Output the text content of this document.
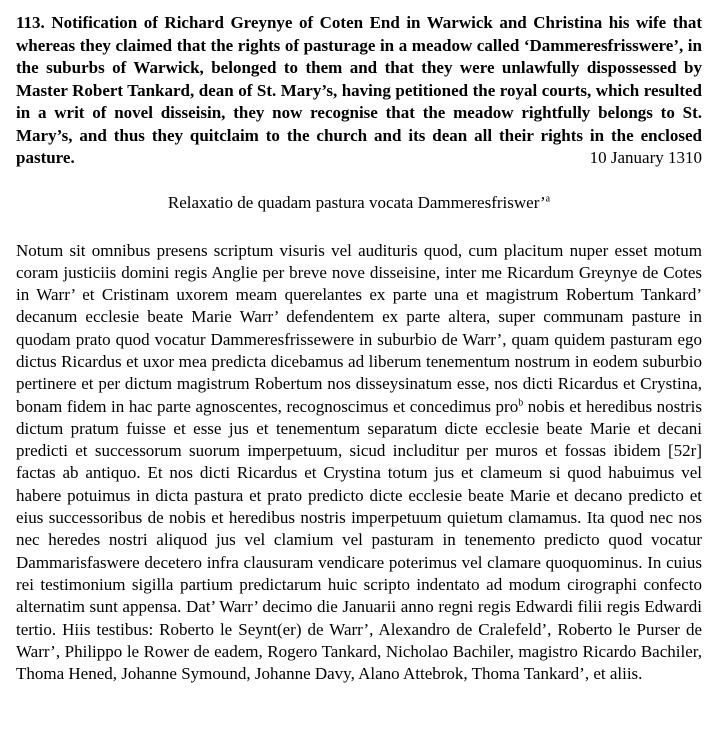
113. Notification of Richard Greynye of Coten End in Warwick and Christina his wife that whereas they claimed that the rights of pasturage in a meadow called ‘Dammeresfrisswere’, in the suburbs of Warwick, belonged to them and that they were unlawfully dispossessed by Master Robert Tankard, dean of St. Mary’s, having petitioned the royal courts, which resulted in a writ of novel disseisin, they now recognise that the meadow rightfully belongs to St. Mary’s, and thus they quitclaim to the church and its dean all their rights in the enclosed pasture.	10 January 1310

Relaxatio de quadam pastura vocata Dammeresfriswer’$^a$

Notum sit omnibus presens scriptum visuris vel audituris quod, cum placitum nuper esset motum coram justiciis domini regis Anglie per breve nove disseisine, inter me Ricardum Greynye de Cotes in Warr’ et Cristinam uxorem meam querelantes ex parte una et magistrum Robertum Tankard’ decanum ecclesie beate Marie Warr’ defendentem ex parte altera, super communam pasture in quodam prato quod vocatur Dammeresfrissewere in suburbio de Warr’, quam quidem pasturam ego dictus Ricardus et uxor mea predicta dicebamus ad liberum tenementum nostrum in eodem suburbio pertinere et per dictum magistrum Robertum nos disseysinatum esse, nos dicti Ricardus et Crystina, bonam fidem in hac parte agnoscentes, recognoscimus et concedimus pro$^b$ nobis et heredibus nostris dictum pratum fuisse et esse jus et tenementum separatum dicte ecclesie beate Marie et decani predicti et successorum suorum imperpetuum, sicud includitur per muros et fossas ibidem [52r] factas ab antiquo. Et nos dicti Ricardus et Crystina totum jus et clameum si quod habuimus vel habere potuimus in dicta pastura et prato predicto dicte ecclesie beate Marie et decano predicto et eius successoribus de nobis et heredibus nostris imperpetuum quietum clamamus. Ita quod nec nos nec heredes nostri aliquod jus vel clamium vel pasturam in tenemento predicto quod vocatur Dammarisfaswere decetero infra clausuram vendicare poterimus vel clamare quoquominus. In cuius rei testimonium sigilla partium predictarum huic scripto indentato ad modum cirographi confecto alternatim sunt appensa. Dat’ Warr’ decimo die Januarii anno regni regis Edwardi filii regis Edwardi tertio. Hiis testibus: Roberto le Seynt(er) de Warr’, Alexandro de Cralefeld’, Roberto le Purser de Warr’, Philippo le Rower de eadem, Rogero Tankard, Nicholao Bachiler, magistro Ricardo Bachiler, Thoma Hened, Johanne Symound, Johanne Davy, Alano Attebrok, Thoma Tankard’, et aliis.
